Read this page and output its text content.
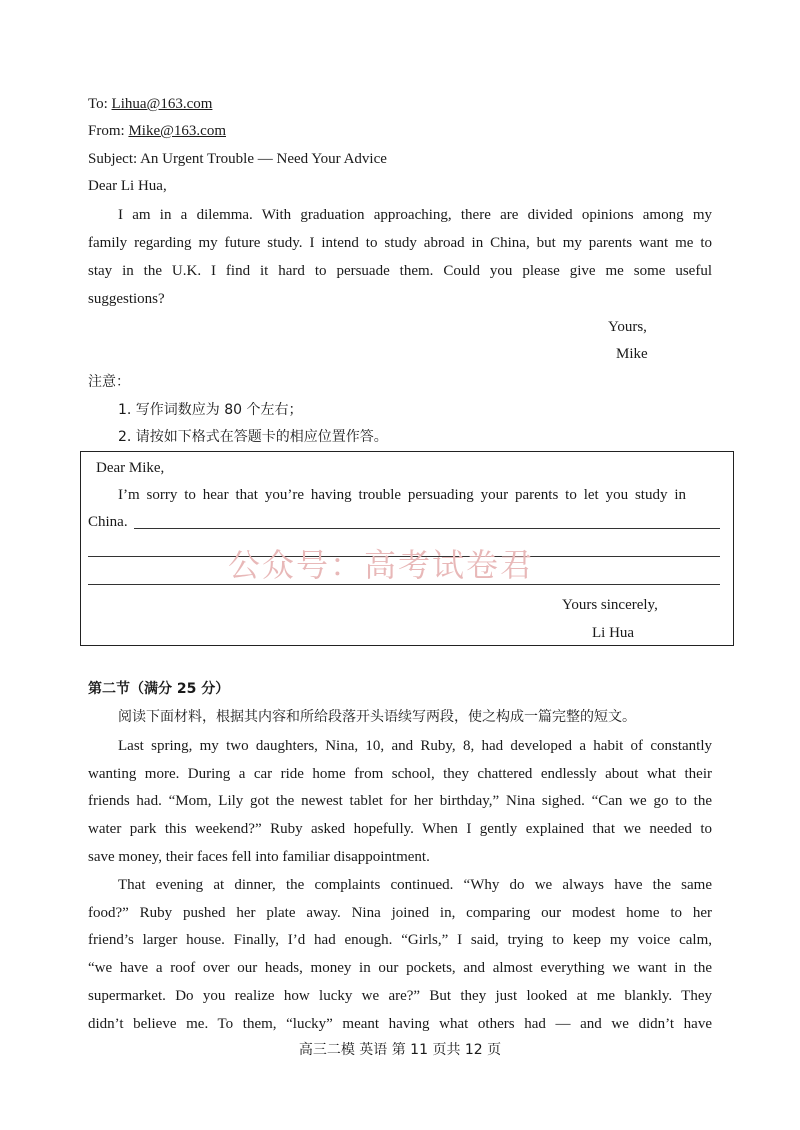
To: Lihua@163.com
From: Mike@163.com
Subject: An Urgent Trouble — Need Your Advice
Dear Li Hua,
I am in a dilemma. With graduation approaching, there are divided opinions among my
family regarding my future study. I intend to study abroad in China, but my parents want me to
stay in the U.K. I find it hard to persuade them. Could you please give me some useful
suggestions?
Yours,
Mike
注意：
1. 写作词数应为 80 个左右；
2. 请按如下格式在答题卡的相应位置作答。
Dear Mike,
I’m sorry to hear that you’re having trouble persuading your parents to let you study in
China.
公众号：高考试卷君
Yours sincerely,
Li Hua
第二节（满分 25 分）
阅读下面材料，根据其内容和所给段落开头语续写两段，使之构成一篇完整的短文。
Last spring, my two daughters, Nina, 10, and Ruby, 8, had developed a habit of constantly
wanting more. During a car ride home from school, they chattered endlessly about what their
friends had. “Mom, Lily got the newest tablet for her birthday,” Nina sighed. “Can we go to the
water park this weekend?” Ruby asked hopefully. When I gently explained that we needed to
save money, their faces fell into familiar disappointment.
That evening at dinner, the complaints continued. “Why do we always have the same
food?” Ruby pushed her plate away. Nina joined in, comparing our modest home to her
friend’s larger house. Finally, I’d had enough. “Girls,” I said, trying to keep my voice calm,
“we have a roof over our heads, money in our pockets, and almost everything we want in the
supermarket. Do you realize how lucky we are?” But they just looked at me blankly. They
didn’t believe me. To them, “lucky” meant having what others had — and we didn’t have
高三二模 英语 第 11 页共 12 页
